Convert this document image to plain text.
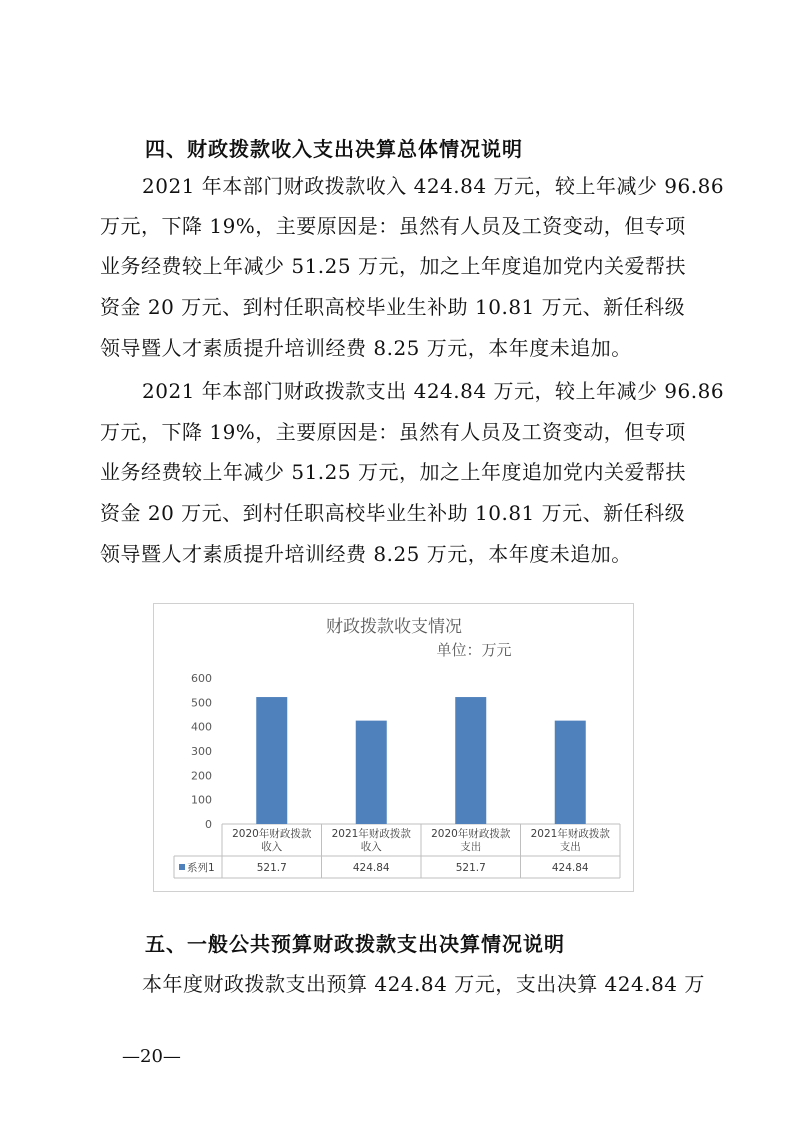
四、财政拨款收入支出决算总体情况说明
2021 年本部门财政拨款收入 424.84 万元，较上年减少 96.86
万元，下降 19%，主要原因是：虽然有人员及工资变动，但专项
业务经费较上年减少 51.25 万元，加之上年度追加党内关爱帮扶
资金 20 万元、到村任职高校毕业生补助 10.81 万元、新任科级
领导暨人才素质提升培训经费 8.25 万元，本年度未追加。
2021 年本部门财政拨款支出 424.84 万元，较上年减少 96.86
万元，下降 19%，主要原因是：虽然有人员及工资变动，但专项
业务经费较上年减少 51.25 万元，加之上年度追加党内关爱帮扶
资金 20 万元、到村任职高校毕业生补助 10.81 万元、新任科级
领导暨人才素质提升培训经费 8.25 万元，本年度未追加。
财政拨款收支情况
单位：万元
0
100
200
300
400
500
600
2020年财政拨款
收入
521.7
2021年财政拨款
收入
424.84
2020年财政拨款
支出
521.7
2021年财政拨款
支出
424.84
系列1
五、一般公共预算财政拨款支出决算情况说明
本年度财政拨款支出预算 424.84 万元，支出决算 424.84 万
—20—
